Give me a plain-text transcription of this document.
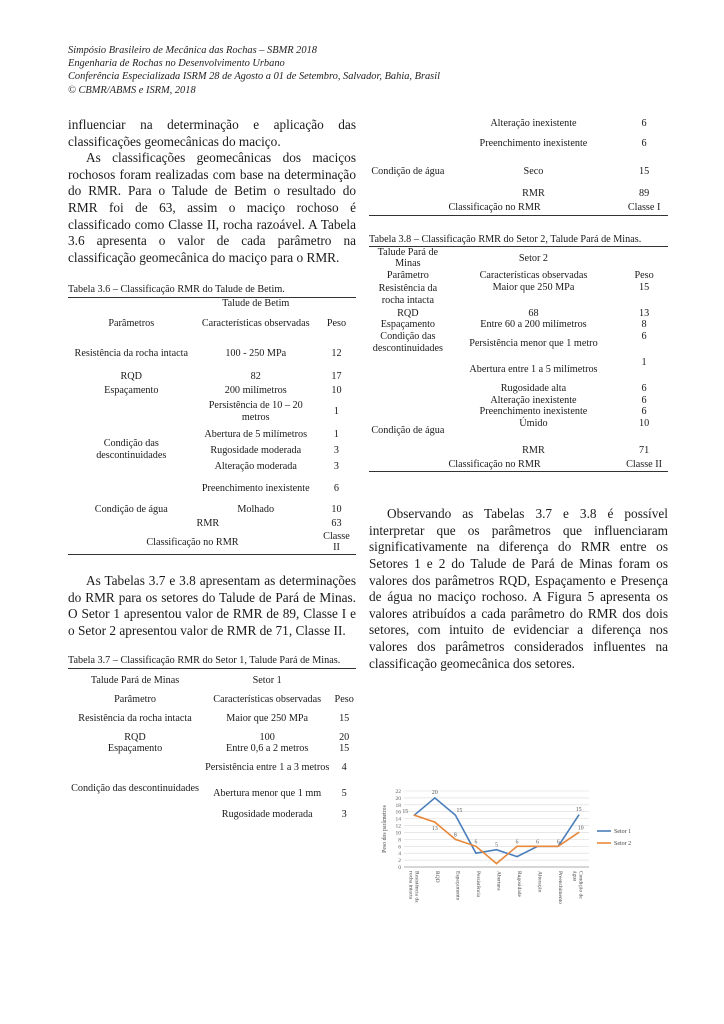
Simpósio Brasileiro de Mecânica das Rochas – SBMR 2018
Engenharia de Rochas no Desenvolvimento Urbano
Conferência Especializada ISRM 28 de Agosto a 01 de Setembro, Salvador, Bahia, Brasil
© CBMR/ABMS e ISRM, 2018

influenciar na determinação e aplicação das classificações geomecânicas do maciço.

As classificações geomecânicas dos maciços rochosos foram realizadas com base na determinação do RMR. Para o Talude de Betim o resultado do RMR foi de 63, assim o maciço rochoso é classificado como Classe II, rocha razoável. A Tabela 3.6 apresenta o valor de cada parâmetro na classificação geomecânica do maciço para o RMR.

Tabela 3.6 – Classificação RMR do Talude de Betim.

	Talude de Betim	
Parâmetros	Características observadas	Peso
Resistência da rocha intacta	100 - 250 MPa	12
RQD	82	17
Espaçamento	200 milímetros	10
Condição das descontinuidades	Persistência de 10 – 20 metros	1
	Abertura de 5 milímetros	1
	Rugosidade moderada	3
	Alteração moderada	3
	Preenchimento inexistente	6
Condição de água	Molhado	10
	RMR	63
Classificação no RMR		Classe II

As Tabelas 3.7 e 3.8 apresentam as determinações do RMR para os setores do Talude de Pará de Minas. O Setor 1 apresentou valor de RMR de 89, Classe I e o Setor 2 apresentou valor de RMR de 71, Classe II.

Tabela 3.7 – Classificação RMR do Setor 1, Talude Pará de Minas.

Talude Pará de Minas	Setor 1	
Parâmetro	Características observadas	Peso
Resistência da rocha intacta	Maior que 250 MPa	15
RQD	100	20
Espaçamento	Entre 0,6 a 2 metros	15
Condição das descontinuidades	Persistência entre 1 a 3 metros	4
	Abertura menor que 1 mm	5
	Rugosidade moderada	3
	Alteração inexistente	6
	Preenchimento inexistente	6
Condição de água	Seco	15
	RMR	89
Classificação no RMR		Classe I

Tabela 3.8 – Classificação RMR do Setor 2, Talude Pará de Minas.

Talude Pará de Minas	Setor 2	
Parâmetro	Características observadas	Peso
Resistência da rocha intacta	Maior que 250 MPa	15
RQD	68	13
Espaçamento	Entre 60 a 200 milímetros	8
Condição das descontinuidades	Persistência menor que 1 metro	6
	Abertura entre 1 a 5 milímetros	1
	Rugosidade alta	6
	Alteração inexistente	6
	Preenchimento inexistente	6
Condição de água	Úmido	10
	RMR	71
Classificação no RMR		Classe II

Observando as Tabelas 3.7 e 3.8 é possível interpretar que os parâmetros que influenciaram significativamente na diferença do RMR entre os Setores 1 e 2 do Talude de Pará de Minas foram os valores dos parâmetros RQD, Espaçamento e Presença de água no maciço rochoso. A Figura 5 apresenta os valores atribuídos a cada parâmetro do RMR dos dois setores, com intuito de evidenciar a diferença nos valores dos parâmetros considerados influentes na classificação geomecânica dos setores.

0
2
4
6
8
10
12
14
16
18
20
22
Peso dos parâmetros
Resistência darocha intacta	RQD	Espaçamento	Persistência	Abertura	Rugosidade	Alteração	Preenchimento	Condição deágua
15
20
13
15
8
6
5
6	6	6
15
10
Setor 1
Setor 2
